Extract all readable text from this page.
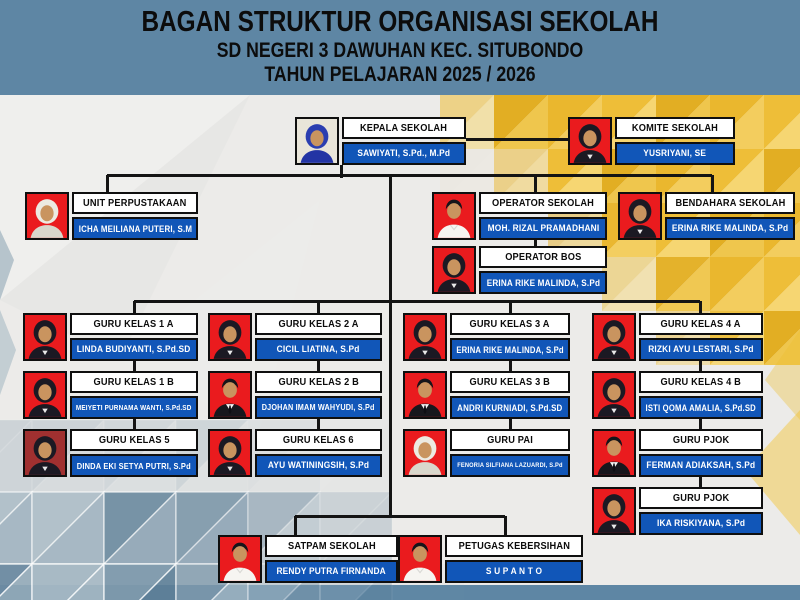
BAGAN STRUKTUR ORGANISASI SEKOLAH
SD NEGERI 3 DAWUHAN KEC. SITUBONDO
TAHUN PELAJARAN 2025 / 2026
KEPALA SEKOLAH
SAWIYATI, S.Pd., M.Pd
KOMITE SEKOLAH
YUSRIYANI, SE
UNIT PERPUSTAKAAN
ICHA MEILIANA PUTERI, S.M
OPERATOR SEKOLAH
MOH. RIZAL PRAMADHANI
BENDAHARA SEKOLAH
ERINA RIKE MALINDA, S.Pd
OPERATOR BOS
ERINA RIKE MALINDA, S.Pd
GURU KELAS 1 A
LINDA BUDIYANTI, S.Pd.SD
GURU KELAS 2 A
CICIL LIATINA, S.Pd
GURU KELAS 3 A
ERINA RIKE MALINDA, S.Pd
GURU KELAS 4 A
RIZKI AYU LESTARI, S.Pd
GURU KELAS 1 B
MEIYETI PURNAMA WANTI, S.Pd.SD
GURU KELAS 2 B
DJOHAN IMAM WAHYUDI, S.Pd
GURU KELAS 3 B
ANDRI KURNIADI, S.Pd.SD
GURU KELAS 4 B
ISTI QOMA AMALIA, S.Pd.SD
GURU KELAS 5
DINDA EKI SETYA PUTRI, S.Pd
GURU KELAS 6
AYU WATININGSIH, S.Pd
GURU PAI
FENORIA SILFIANA LAZUARDI, S.Pd
GURU PJOK
FERMAN ADIAKSAH, S.Pd
GURU PJOK
IKA RISKIYANA, S.Pd
SATPAM SEKOLAH
RENDY PUTRA FIRNANDA
PETUGAS KEBERSIHAN
S U P A N T O
